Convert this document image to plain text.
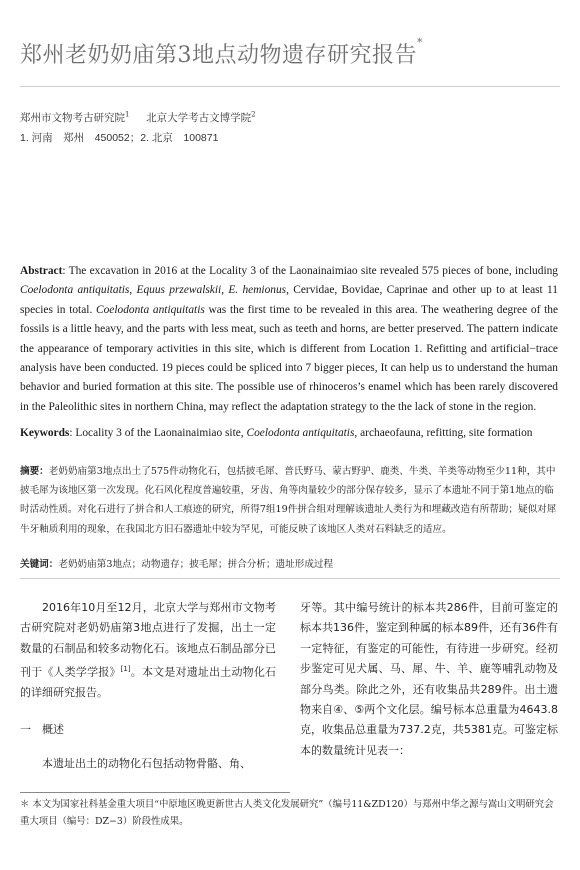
郑州老奶奶庙第3地点动物遗存研究报告*
郑州市文物考古研究院$^1$ 北京大学考古文博学院$^2$
1. 河南　郑州　450052；2. 北京　100871
Abstract: The excavation in 2016 at the Locality 3 of the Laonainaimiao site revealed 575 pieces of bone, including Coelodonta antiquitatis, Equus przewalskii, E. hemionus, Cervidae, Bovidae, Caprinae and other up to at least 11 species in total. Coelodonta antiquitatis was the first time to be revealed in this area. The weathering degree of the fossils is a little heavy, and the parts with less meat, such as teeth and horns, are better preserved. The pattern indicate the appearance of temporary activities in this site, which is different from Location 1. Refitting and artificial−trace analysis have been conducted. 19 pieces could be spliced into 7 bigger pieces, It can help us to understand the human behavior and buried formation at this site. The possible use of rhinoceros’s enamel which has been rarely discovered in the Paleolithic sites in northern China, may reflect the adaptation strategy to the the lack of stone in the region.
Keywords: Locality 3 of the Laonainaimiao site, Coelodonta antiquitatis, archaeofauna, refitting, site formation
摘要：老奶奶庙第3地点出土了575件动物化石，包括披毛犀、普氏野马、蒙古野驴、鹿类、牛类、羊类等动物至少11种，其中披毛犀为该地区第一次发现。化石风化程度普遍较重，牙齿、角等肉量较少的部分保存较多，显示了本遗址不同于第1地点的临时活动性质。对化石进行了拼合和人工痕迹的研究，所得7组19件拼合组对理解该遗址人类行为和埋藏改造有所帮助；疑似对犀牛牙釉质利用的现象，在我国北方旧石器遗址中较为罕见，可能反映了该地区人类对石料缺乏的适应。
关键词：老奶奶庙第3地点；动物遗存；披毛犀；拼合分析；遗址形成过程

2016年10月至12月，北京大学与郑州市文物考古研究院对老奶奶庙第3地点进行了发掘，出土一定数量的石制品和较多动物化石。该地点石制品部分已刊于《人类学学报》[1]。本文是对遗址出土动物化石的详细研究报告。

一　概述

本遗址出土的动物化石包括动物骨骼、角、

牙等。其中编号统计的标本共286件，目前可鉴定的标本共136件，鉴定到种属的标本89件，还有36件有一定特征，有鉴定的可能性，有待进一步研究。经初步鉴定可见犬属、马、犀、牛、羊、鹿等哺乳动物及部分鸟类。除此之外，还有收集品共289件。出土遗物来自④、⑤两个文化层。编号标本总重量为4643.8克，收集品总重量为737.2克，共5381克。可鉴定标本的数量统计见表一：

＊ 本文为国家社科基金重大项目“中原地区晚更新世古人类文化发展研究”（编号11&ZD120）与郑州中华之源与嵩山文明研究会重大项目（编号：DZ−3）阶段性成果。
